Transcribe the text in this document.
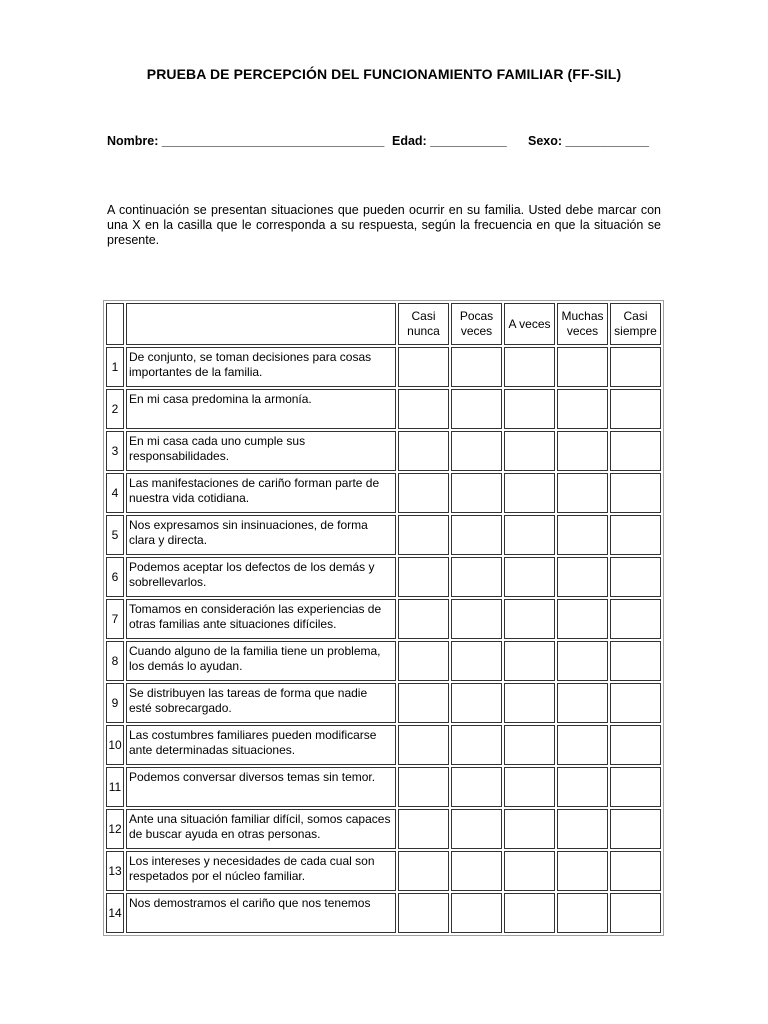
PRUEBA DE PERCEPCIÓN DEL FUNCIONAMIENTO FAMILIAR (FF-SIL)
Nombre: ________________________________ Edad: ___________ Sexo: ____________
A continuación se presentan situaciones que pueden ocurrir en su familia. Usted debe marcar con una X en la casilla que le corresponda a su respuesta, según la frecuencia en que la situación se presente.
		Casi nunca	Pocas veces	A veces	Muchas veces	Casi siempre
1	De conjunto, se toman decisiones para cosas importantes de la familia.					
2	En mi casa predomina la armonía.					
3	En mi casa cada uno cumple sus responsabilidades.					
4	Las manifestaciones de cariño forman parte de nuestra vida cotidiana.					
5	Nos expresamos sin insinuaciones, de forma clara y directa.					
6	Podemos aceptar los defectos de los demás y sobrellevarlos.					
7	Tomamos en consideración las experiencias de otras familias ante situaciones difíciles.					
8	Cuando alguno de la familia tiene un problema, los demás lo ayudan.					
9	Se distribuyen las tareas de forma que nadie esté sobrecargado.					
10	Las costumbres familiares pueden modificarse ante determinadas situaciones.					
11	Podemos conversar diversos temas sin temor.					
12	Ante una situación familiar difícil, somos capaces de buscar ayuda en otras personas.					
13	Los intereses y necesidades de cada cual son respetados por el núcleo familiar.					
14	Nos demostramos el cariño que nos tenemos					
